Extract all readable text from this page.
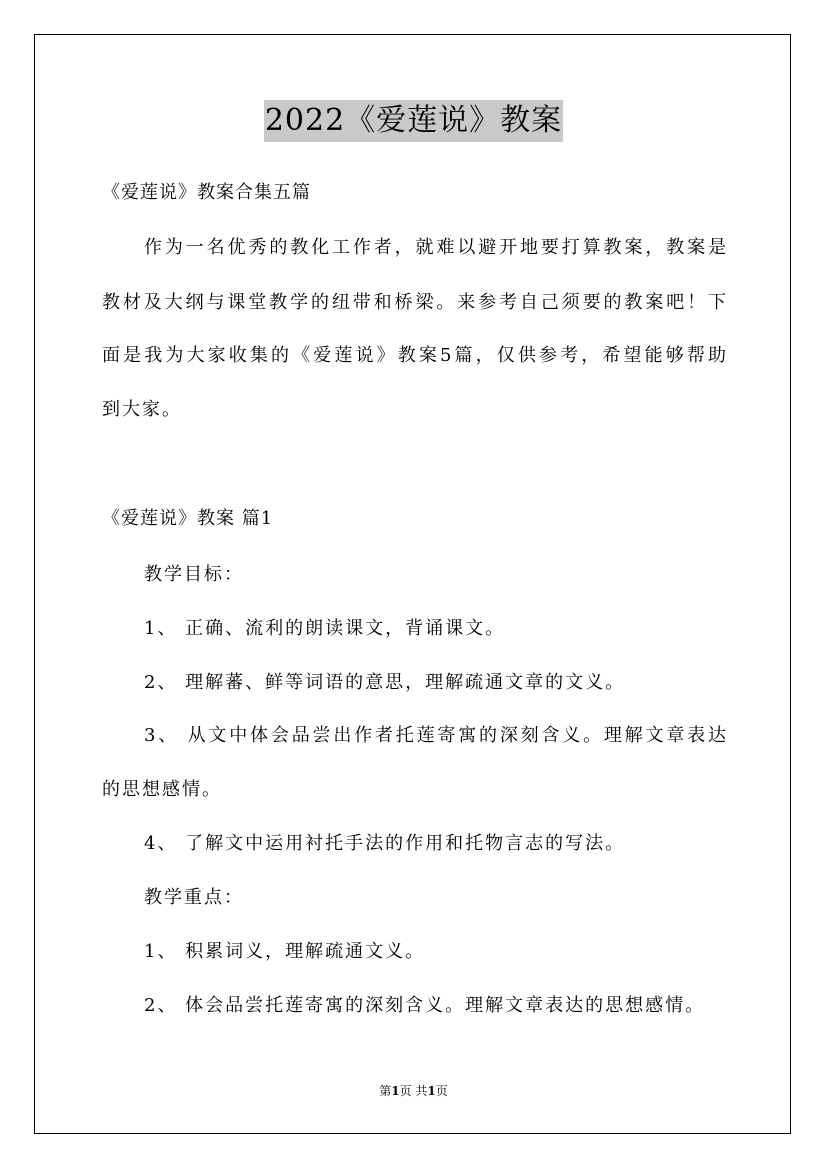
2022《爱莲说》教案
《爱莲说》教案合集五篇
作为一名优秀的教化工作者，就难以避开地要打算教案，教案是
教材及大纲与课堂教学的纽带和桥梁。来参考自己须要的教案吧！下
面是我为大家收集的《爱莲说》教案5篇，仅供参考，希望能够帮助
到大家。
《爱莲说》教案 篇1
教学目标：
1、 正确、流利的朗读课文，背诵课文。
2、 理解蕃、鲜等词语的意思，理解疏通文章的文义。
3、 从文中体会品尝出作者托莲寄寓的深刻含义。理解文章表达
的思想感情。
4、 了解文中运用衬托手法的作用和托物言志的写法。
教学重点：
1、 积累词义，理解疏通文义。
2、 体会品尝托莲寄寓的深刻含义。理解文章表达的思想感情。
第1页 共1页
